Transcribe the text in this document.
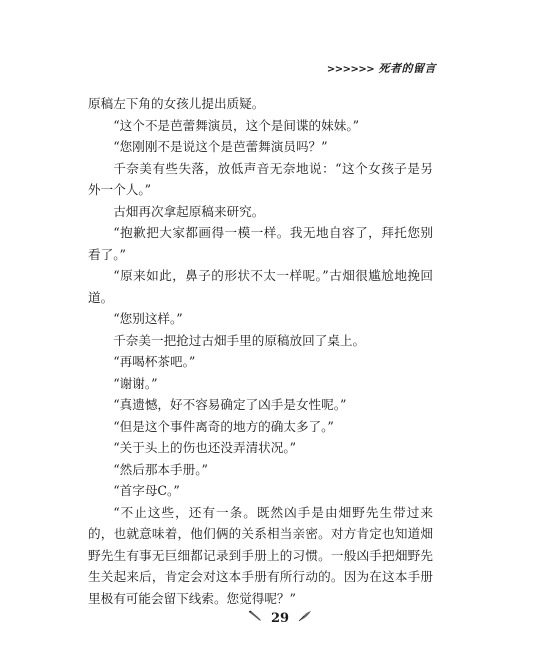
>>>>>> 死者的留言

原稿左下角的女孩儿提出质疑。

“这个不是芭蕾舞演员，这个是间谍的妹妹。”

“您刚刚不是说这个是芭蕾舞演员吗？”

千奈美有些失落，放低声音无奈地说：“这个女孩子是另外一个人。”

古畑再次拿起原稿来研究。

“抱歉把大家都画得一模一样。我无地自容了，拜托您别看了。”

“原来如此，鼻子的形状不太一样呢。”古畑很尴尬地挽回道。

“您别这样。”

千奈美一把抢过古畑手里的原稿放回了桌上。

“再喝杯茶吧。”

“谢谢。”

“真遗憾，好不容易确定了凶手是女性呢。”

“但是这个事件离奇的地方的确太多了。”

“关于头上的伤也还没弄清状况。”

“然后那本手册。”

“首字母C。”

“不止这些，还有一条。既然凶手是由畑野先生带过来的，也就意味着，他们俩的关系相当亲密。对方肯定也知道畑野先生有事无巨细都记录到手册上的习惯。一般凶手把畑野先生关起来后，肯定会对这本手册有所行动的。因为在这本手册里极有可能会留下线索。您觉得呢？”

29
